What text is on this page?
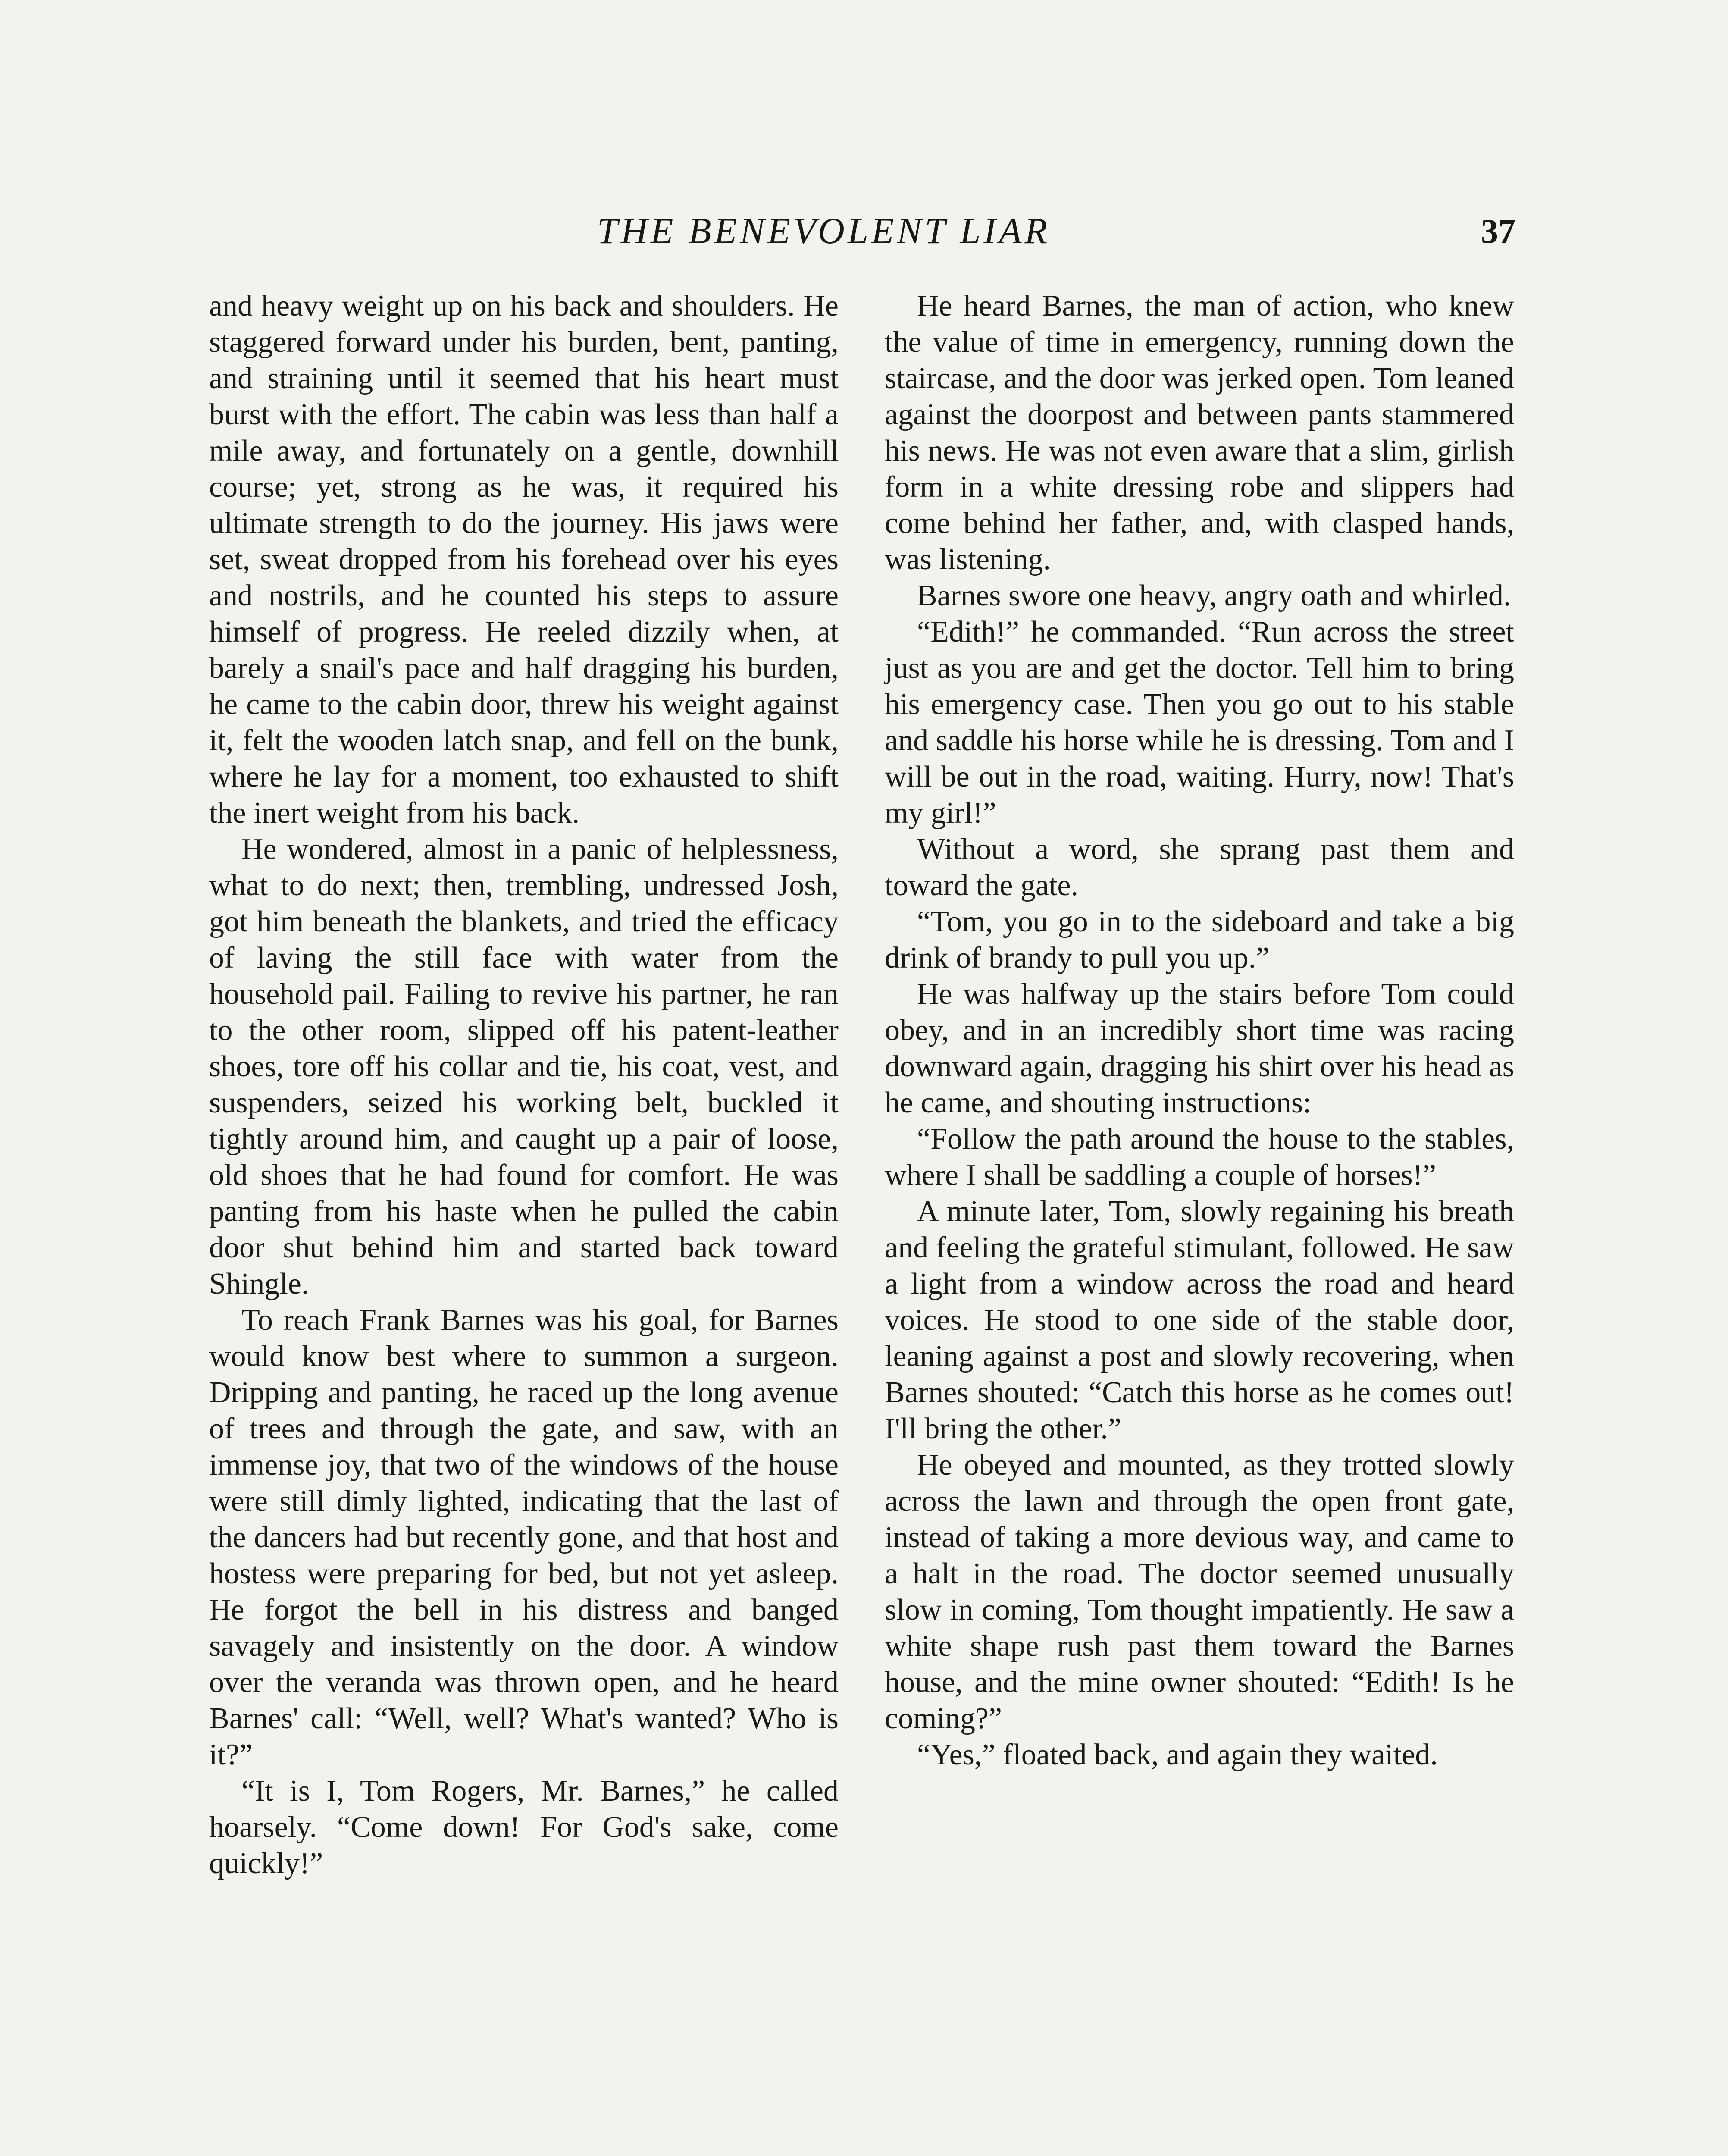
THE BENEVOLENT LIAR	37

and heavy weight up on his back and shoulders. He staggered forward under his burden, bent, panting, and straining until it seemed that his heart must burst with the effort. The cabin was less than half a mile away, and fortunately on a gentle, downhill course; yet, strong as he was, it required his ultimate strength to do the journey. His jaws were set, sweat dropped from his forehead over his eyes and nostrils, and he counted his steps to assure himself of progress. He reeled dizzily when, at barely a snail's pace and half dragging his burden, he came to the cabin door, threw his weight against it, felt the wooden latch snap, and fell on the bunk, where he lay for a moment, too exhausted to shift the inert weight from his back.

He wondered, almost in a panic of helplessness, what to do next; then, trembling, undressed Josh, got him beneath the blankets, and tried the efficacy of laving the still face with water from the household pail. Failing to revive his partner, he ran to the other room, slipped off his patent-leather shoes, tore off his collar and tie, his coat, vest, and suspenders, seized his working belt, buckled it tightly around him, and caught up a pair of loose, old shoes that he had found for comfort. He was panting from his haste when he pulled the cabin door shut behind him and started back toward Shingle.

To reach Frank Barnes was his goal, for Barnes would know best where to summon a surgeon. Dripping and panting, he raced up the long avenue of trees and through the gate, and saw, with an immense joy, that two of the windows of the house were still dimly lighted, indicating that the last of the dancers had but recently gone, and that host and hostess were preparing for bed, but not yet asleep. He forgot the bell in his distress and banged savagely and insistently on the door. A window over the veranda was thrown open, and he heard Barnes' call: “Well, well? What's wanted? Who is it?”

“It is I, Tom Rogers, Mr. Barnes,” he called hoarsely. “Come down! For God's sake, come quickly!”

He heard Barnes, the man of action, who knew the value of time in emergency, running down the staircase, and the door was jerked open. Tom leaned against the doorpost and between pants stammered his news. He was not even aware that a slim, girlish form in a white dressing robe and slippers had come behind her father, and, with clasped hands, was listening.

Barnes swore one heavy, angry oath and whirled.

“Edith!” he commanded. “Run across the street just as you are and get the doctor. Tell him to bring his emergency case. Then you go out to his stable and saddle his horse while he is dressing. Tom and I will be out in the road, waiting. Hurry, now! That's my girl!”

Without a word, she sprang past them and toward the gate.

“Tom, you go in to the sideboard and take a big drink of brandy to pull you up.”

He was halfway up the stairs before Tom could obey, and in an incredibly short time was racing downward again, dragging his shirt over his head as he came, and shouting instructions:

“Follow the path around the house to the stables, where I shall be saddling a couple of horses!”

A minute later, Tom, slowly regaining his breath and feeling the grateful stimulant, followed. He saw a light from a window across the road and heard voices. He stood to one side of the stable door, leaning against a post and slowly recovering, when Barnes shouted: “Catch this horse as he comes out! I'll bring the other.”

He obeyed and mounted, as they trotted slowly across the lawn and through the open front gate, instead of taking a more devious way, and came to a halt in the road. The doctor seemed unusually slow in coming, Tom thought impatiently. He saw a white shape rush past them toward the Barnes house, and the mine owner shouted: “Edith! Is he coming?”

“Yes,” floated back, and again they waited.
